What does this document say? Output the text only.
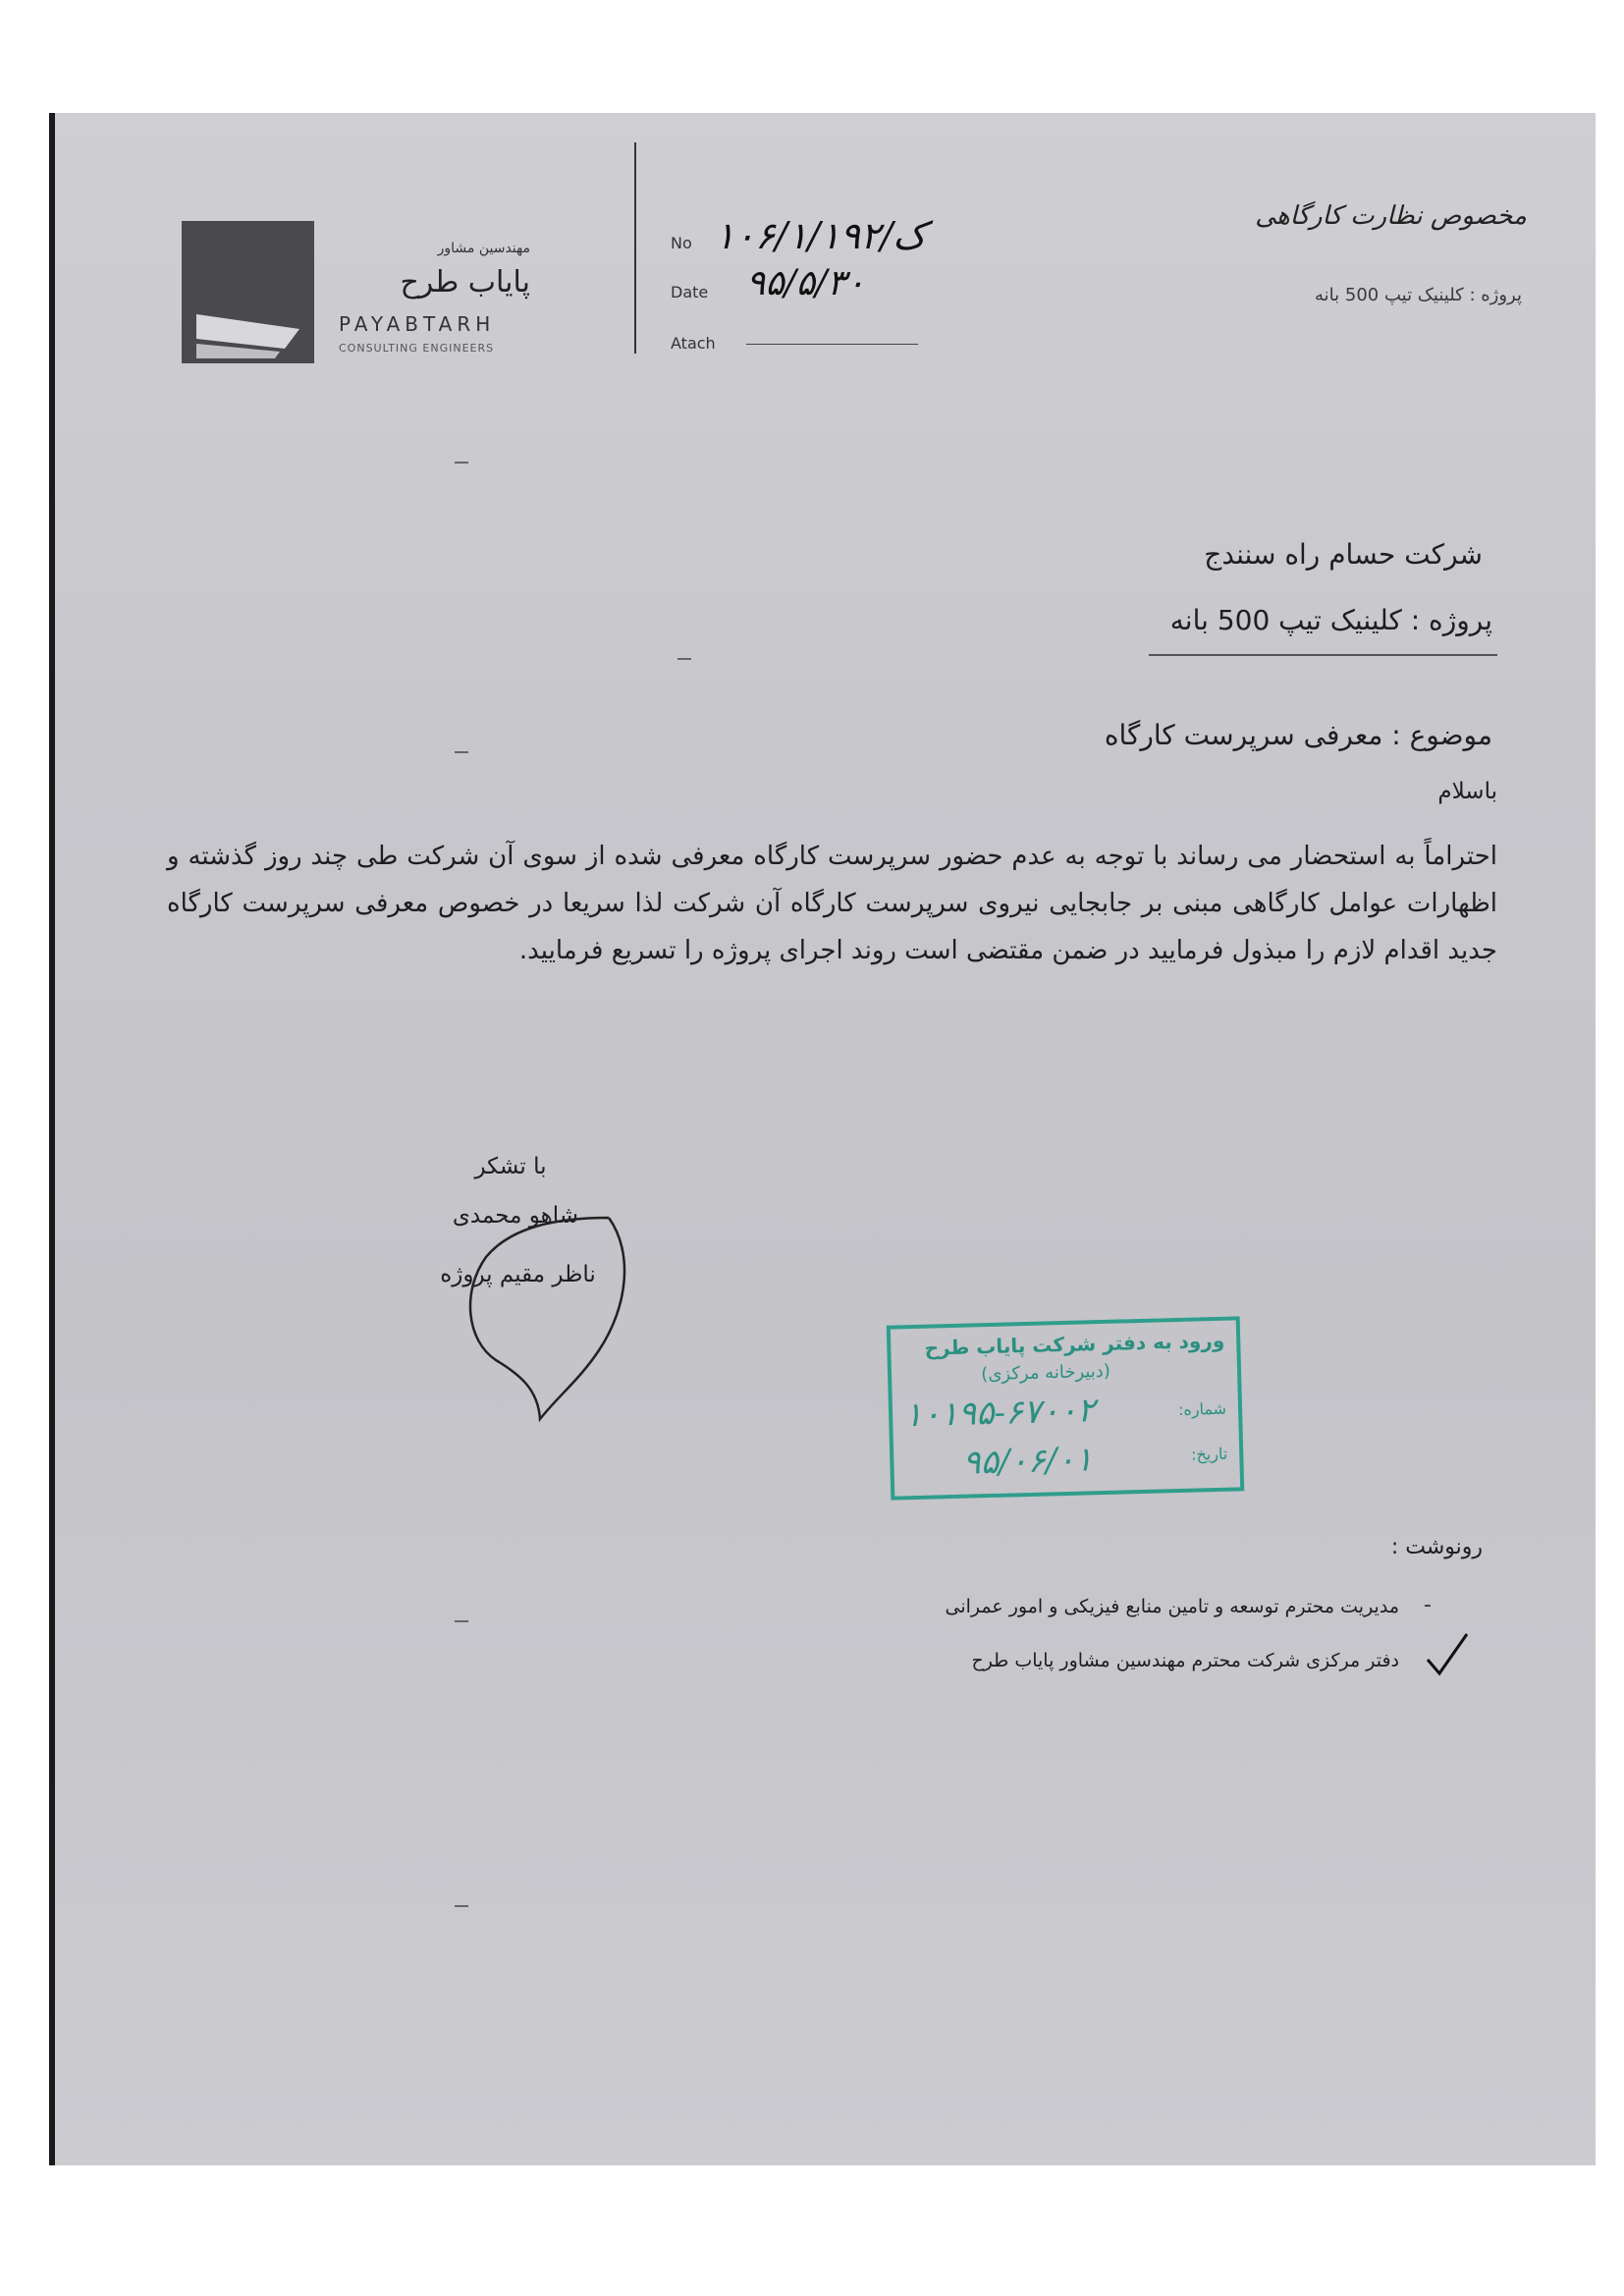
مهندسین مشاور
پایاب طرح
PAYABTARH
CONSULTING ENGINEERS
No ۱۰۶/ک/۱/۱۹۲
Date ۹۵/۵/۳۰
Atach
مخصوص نظارت کارگاهی
پروژه : کلینیک تیپ 500 بانه
شرکت حسام راه سنندج
پروژه : کلینیک تیپ 500 بانه
موضوع : معرفی سرپرست کارگاه
باسلام
احتراماً به استحضار می رساند با توجه به عدم حضور سرپرست کارگاه معرفی شده از سوی آن شرکت طی چند روز گذشته و اظهارات عوامل کارگاهی مبنی بر جابجایی نیروی سرپرست کارگاه آن شرکت لذا سریعا در خصوص معرفی سرپرست کارگاه جدید اقدام لازم را مبذول فرمایید در ضمن مقتضی است روند اجرای پروژه را تسریع فرمایید.
با تشکر
شاهو محمدی
ناظر مقیم پروژه
ورود به دفتر شرکت پایاب طرح
(دبیرخانه مرکزی)
شماره:
۱۰۱۹۵-۶۷۰۰۲
تاریخ:
۹۵/۰۶/۰۱
رونوشت :
-
مدیریت محترم توسعه و تامین منابع فیزیکی و امور عمرانی
دفتر مرکزی شرکت محترم مهندسین مشاور پایاب طرح
